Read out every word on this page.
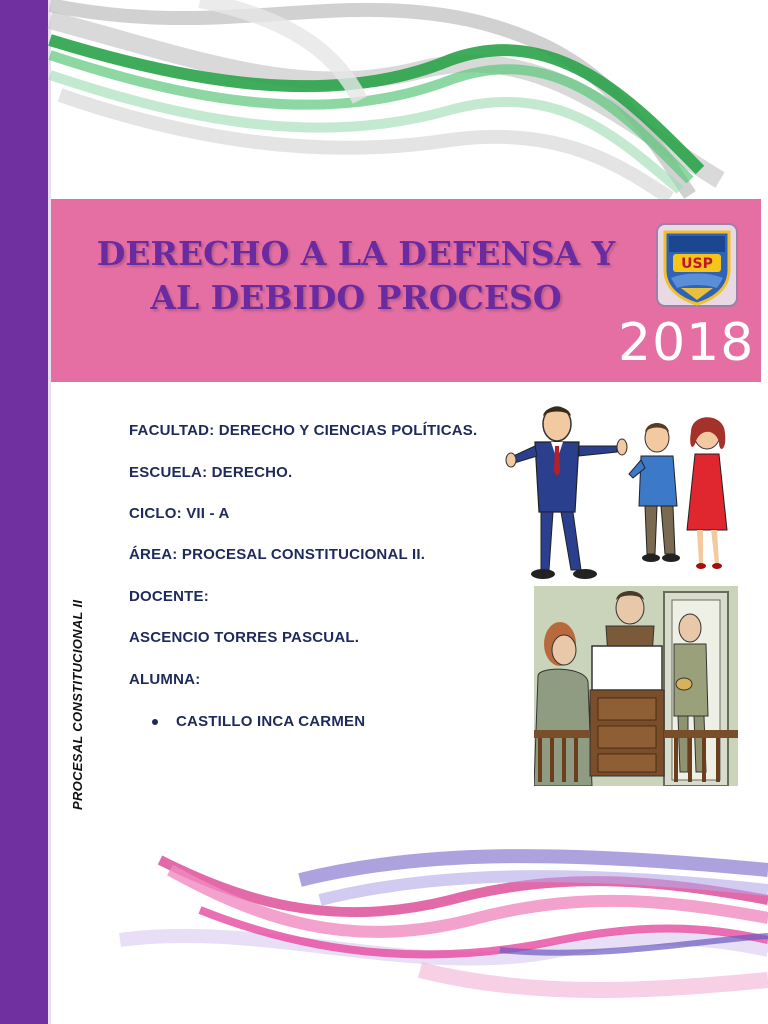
DERECHO A LA DEFENSA Y
AL DEBIDO PROCESO
USP
2018
FACULTAD: DERECHO Y CIENCIAS POLÍTICAS.
ESCUELA: DERECHO.
CICLO: VII - A
ÁREA: PROCESAL CONSTITUCIONAL II.
DOCENTE:
ASCENCIO TORRES PASCUAL.
ALUMNA:
CASTILLO INCA CARMEN
PROCESAL CONSTITUCIONAL II
